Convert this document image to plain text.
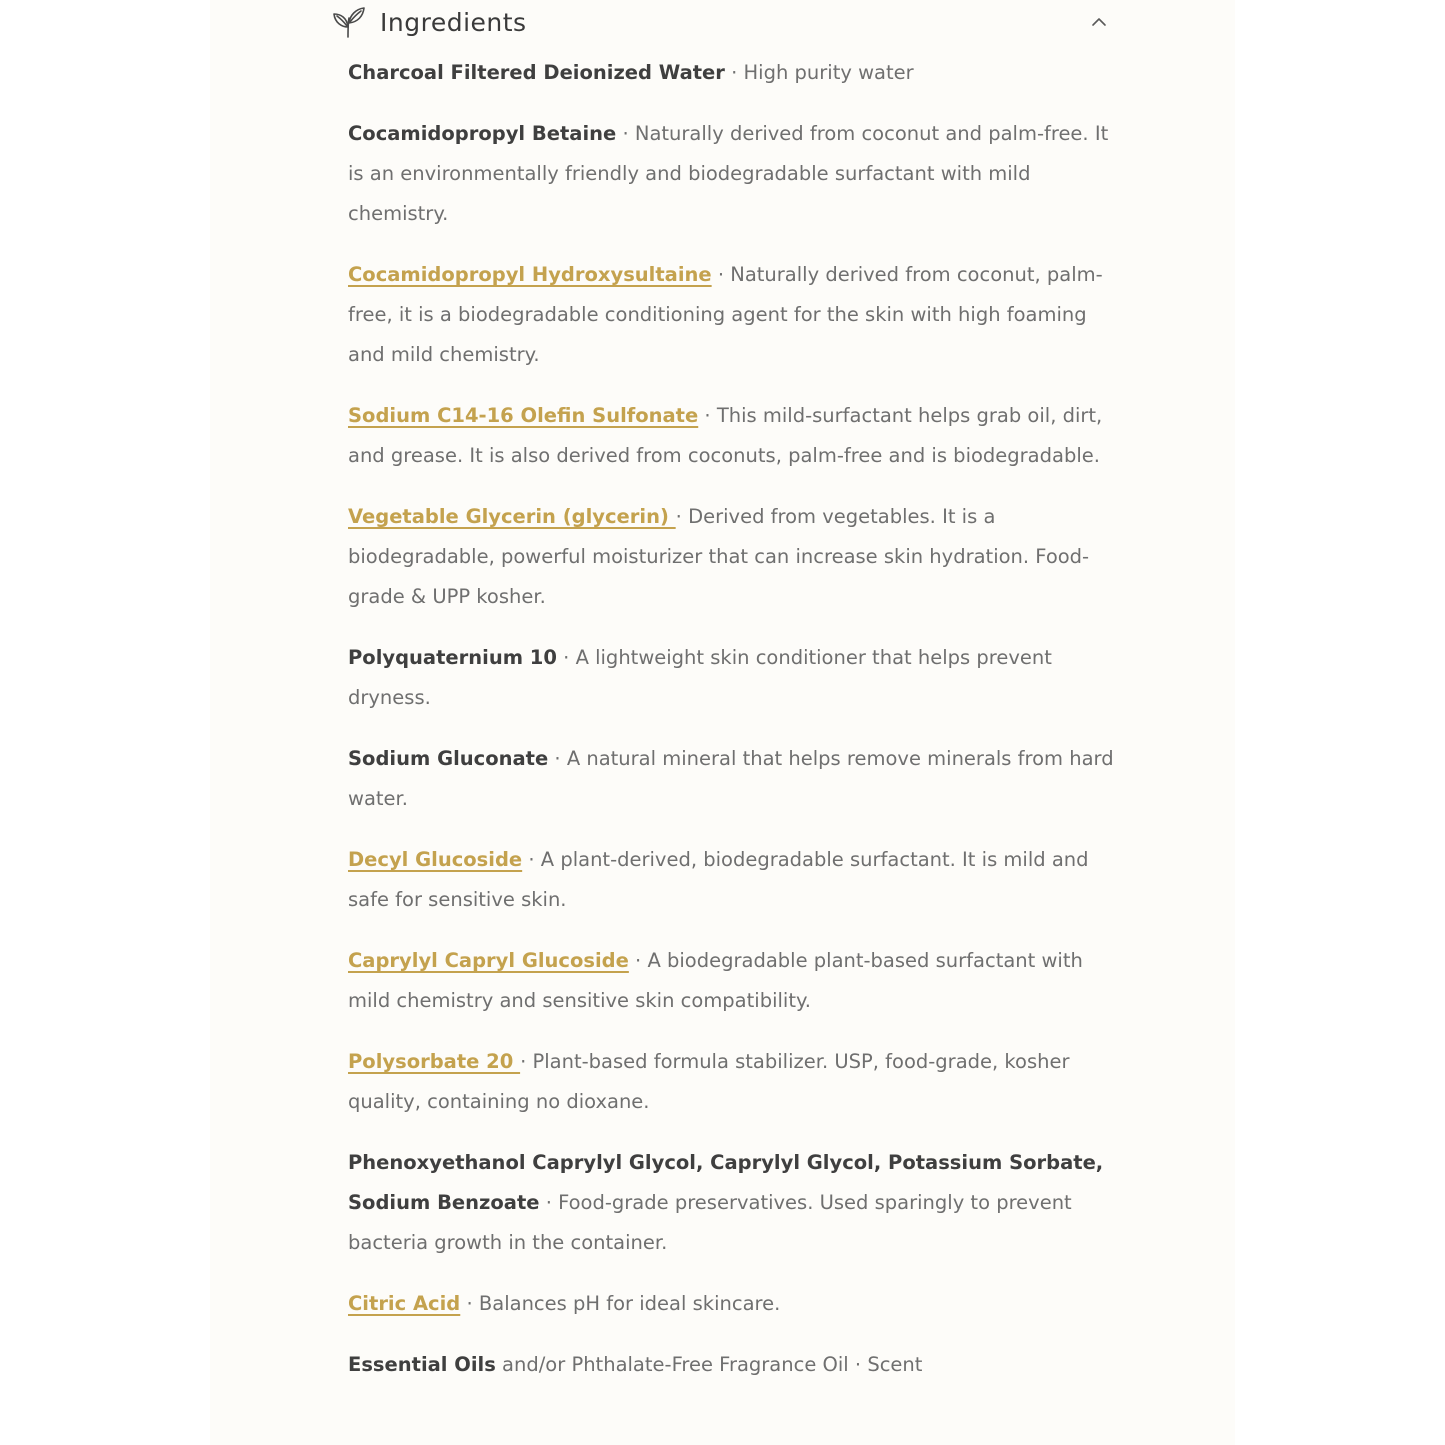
Ingredients
Charcoal Filtered Deionized Water · High purity water
Cocamidopropyl Betaine · Naturally derived from coconut and palm-free. It is an environmentally friendly and biodegradable surfactant with mild chemistry.
Cocamidopropyl Hydroxysultaine · Naturally derived from coconut, palm-free, it is a biodegradable conditioning agent for the skin with high foaming and mild chemistry.
Sodium C14-16 Olefin Sulfonate · This mild-surfactant helps grab oil, dirt, and grease. It is also derived from coconuts, palm-free and is biodegradable.
Vegetable Glycerin (glycerin) · Derived from vegetables. It is a biodegradable, powerful moisturizer that can increase skin hydration. Food-grade & UPP kosher.
Polyquaternium 10 · A lightweight skin conditioner that helps prevent dryness.
Sodium Gluconate · A natural mineral that helps remove minerals from hard water.
Decyl Glucoside · A plant-derived, biodegradable surfactant. It is mild and safe for sensitive skin.
Caprylyl Capryl Glucoside · A biodegradable plant-based surfactant with mild chemistry and sensitive skin compatibility.
Polysorbate 20 · Plant-based formula stabilizer. USP, food-grade, kosher quality, containing no dioxane.
Phenoxyethanol Caprylyl Glycol, Caprylyl Glycol, Potassium Sorbate, Sodium Benzoate · Food-grade preservatives. Used sparingly to prevent bacteria growth in the container.
Citric Acid · Balances pH for ideal skincare.
Essential Oils and/or Phthalate-Free Fragrance Oil · Scent
